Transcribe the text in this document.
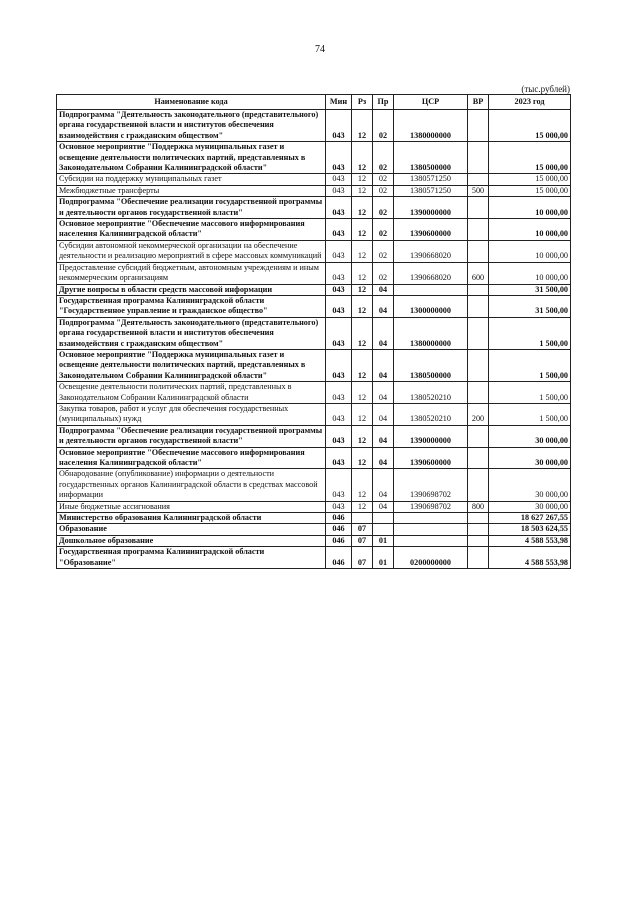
74
(тыс.рублей)
Наименование кода	Мин	Рз	Пр	ЦСР	ВР	2023 год
Подпрограмма "Деятельность законодательного (представительного) органа государственной власти и институтов обеспечения взаимодействия с гражданским обществом"	043	12	02	1380000000		15 000,00
Основное мероприятие "Поддержка муниципальных газет и освещение деятельности политических партий, представленных в Законодательном Собрании Калининградской области"	043	12	02	1380500000		15 000,00
Субсидии на поддержку муниципальных газет	043	12	02	1380571250		15 000,00
Межбюджетные трансферты	043	12	02	1380571250	500	15 000,00
Подпрограмма "Обеспечение реализации государственной программы и деятельности органов государственной власти"	043	12	02	1390000000		10 000,00
Основное мероприятие "Обеспечение массового информирования населения Калининградской области"	043	12	02	1390600000		10 000,00
Субсидии автономной некоммерческой организации на обеспечение деятельности и реализацию мероприятий в сфере массовых коммуникаций	043	12	02	1390668020		10 000,00
Предоставление субсидий бюджетным, автономным учреждениям и иным некоммерческим организациям	043	12	02	1390668020	600	10 000,00
Другие вопросы в области средств массовой информации	043	12	04			31 500,00
Государственная программа Калининградской области "Государственное управление и гражданское общество"	043	12	04	1300000000		31 500,00
Подпрограмма "Деятельность законодательного (представительного) органа государственной власти и институтов обеспечения взаимодействия с гражданским обществом"	043	12	04	1380000000		1 500,00
Основное мероприятие "Поддержка муниципальных газет и освещение деятельности политических партий, представленных в Законодательном Собрании Калининградской области"	043	12	04	1380500000		1 500,00
Освещение деятельности политических партий, представленных в Законодательном Собрании Калининградской области	043	12	04	1380520210		1 500,00
Закупка товаров, работ и услуг для обеспечения государственных (муниципальных) нужд	043	12	04	1380520210	200	1 500,00
Подпрограмма "Обеспечение реализации государственной программы и деятельности органов государственной власти"	043	12	04	1390000000		30 000,00
Основное мероприятие "Обеспечение массового информирования населения Калининградской области"	043	12	04	1390600000		30 000,00
Обнародование (опубликование) информации о деятельности государственных органов Калининградской области в средствах массовой информации	043	12	04	1390698702		30 000,00
Иные бюджетные ассигнования	043	12	04	1390698702	800	30 000,00
Министерство образования Калининградской области	046					18 627 267,55
Образование	046	07				18 503 624,55
Дошкольное образование	046	07	01			4 588 553,98
Государственная программа Калининградской области "Образование"	046	07	01	0200000000		4 588 553,98
